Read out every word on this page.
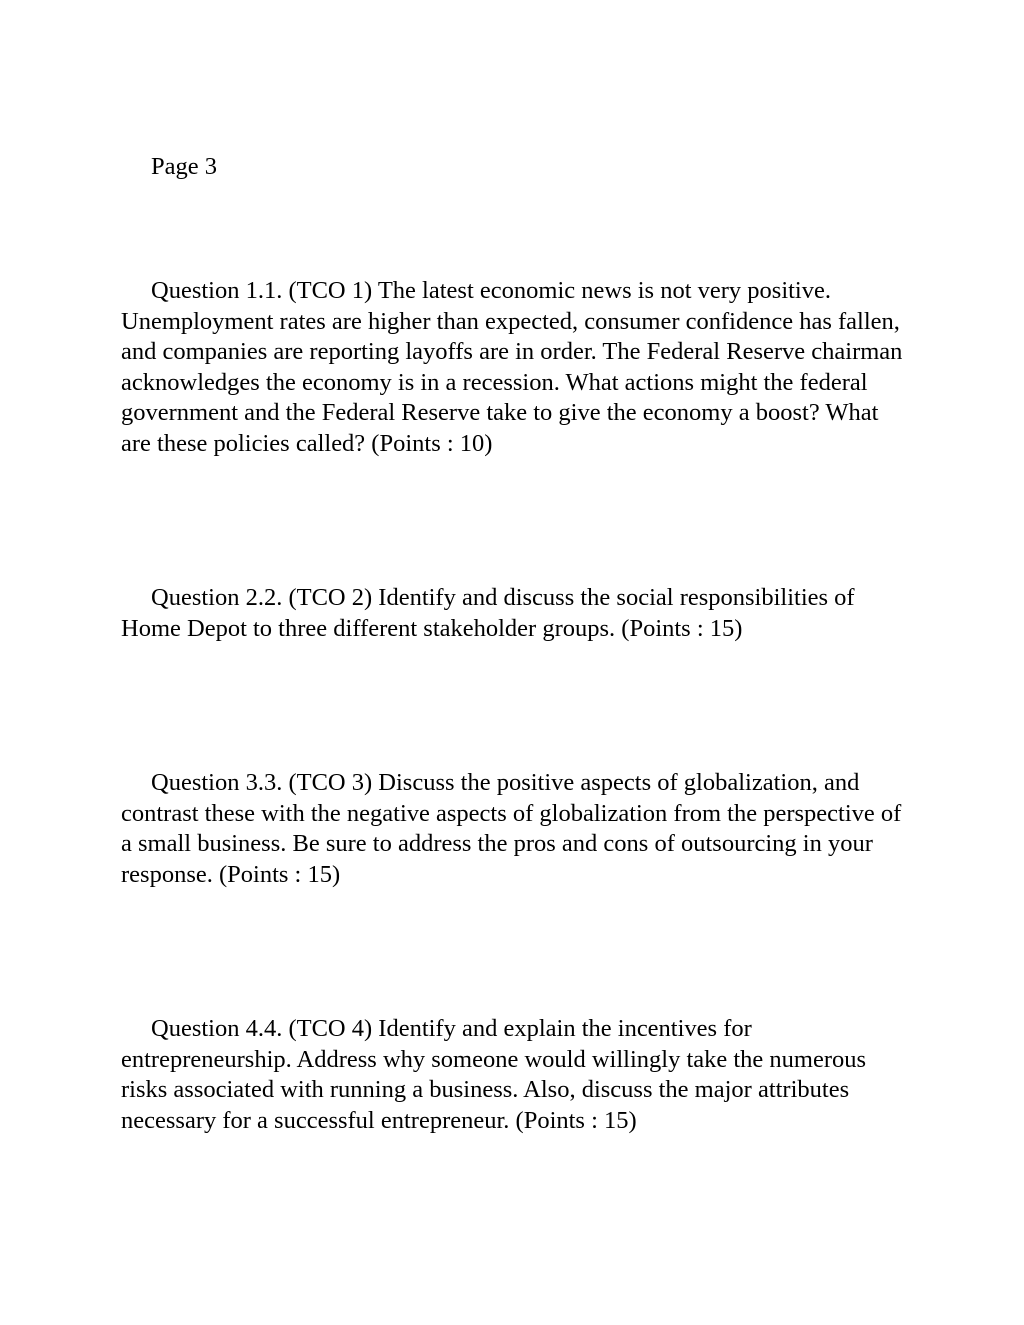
Page 3

Question 1.1. (TCO 1) The latest economic news is not very positive. Unemployment rates are higher than expected, consumer confidence has fallen, and companies are reporting layoffs are in order. The Federal Reserve chairman acknowledges the economy is in a recession. What actions might the federal government and the Federal Reserve take to give the economy a boost? What are these policies called? (Points : 10)

Question 2.2. (TCO 2) Identify and discuss the social responsibilities of Home Depot to three different stakeholder groups. (Points : 15)

Question 3.3. (TCO 3) Discuss the positive aspects of globalization, and contrast these with the negative aspects of globalization from the perspective of a small business. Be sure to address the pros and cons of outsourcing in your response. (Points : 15)

Question 4.4. (TCO 4) Identify and explain the incentives for entrepreneurship. Address why someone would willingly take the numerous risks associated with running a business. Also, discuss the major attributes necessary for a successful entrepreneur. (Points : 15)
